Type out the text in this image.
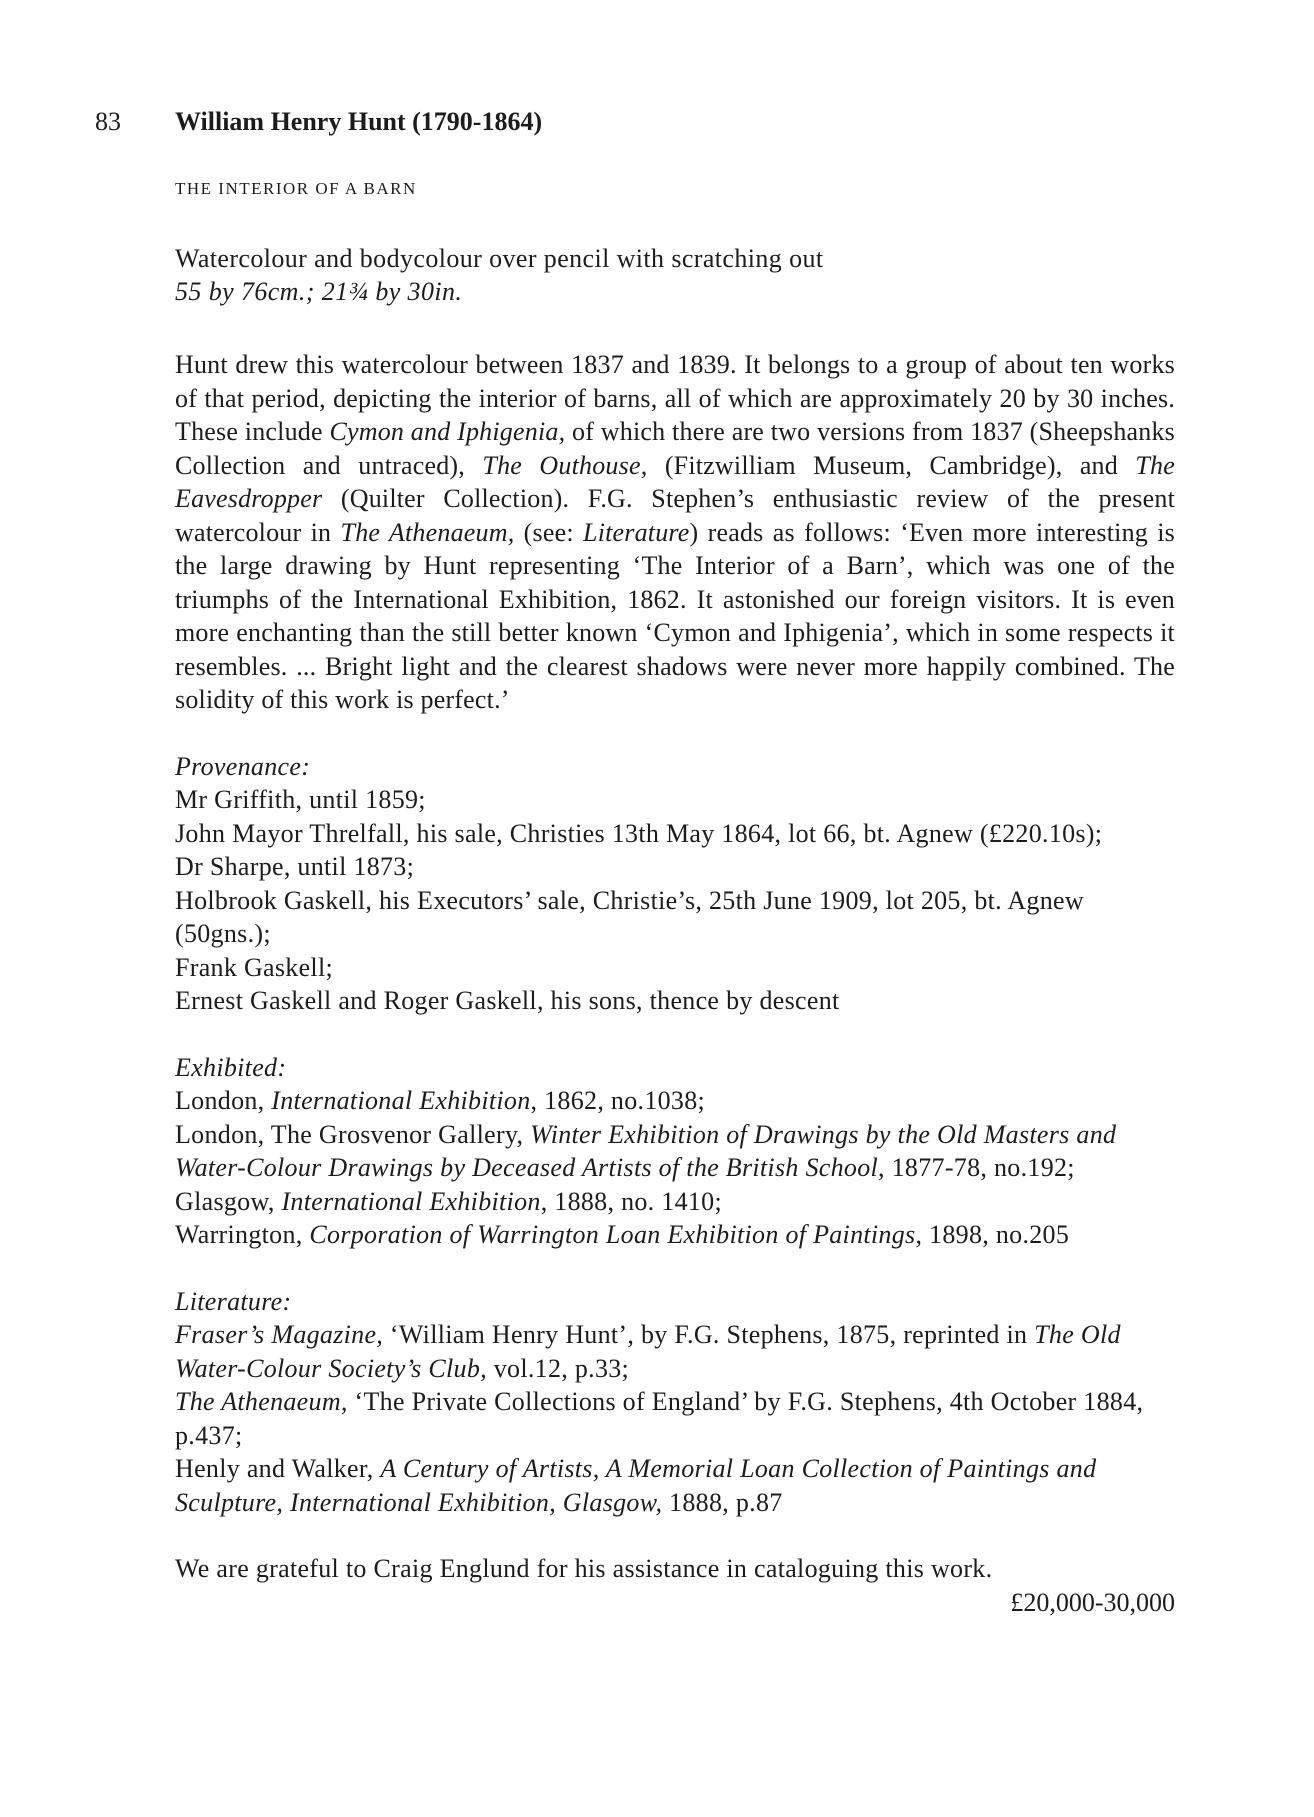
83 William Henry Hunt (1790-1864)

THE INTERIOR OF A BARN

Watercolour and bodycolour over pencil with scratching out
55 by 76cm.; 21¾ by 30in.

Hunt drew this watercolour between 1837 and 1839. It belongs to a group of about ten works of that period, depicting the interior of barns, all of which are approximately 20 by 30 inches. These include Cymon and Iphigenia, of which there are two versions from 1837 (Sheepshanks Collection and untraced), The Outhouse, (Fitzwilliam Museum, Cambridge), and The Eavesdropper (Quilter Collection). F.G. Stephen’s enthusiastic review of the present watercolour in The Athenaeum, (see: Literature) reads as follows: ‘Even more interesting is the large drawing by Hunt representing ‘The Interior of a Barn’, which was one of the triumphs of the International Exhibition, 1862. It astonished our foreign visitors. It is even more enchanting than the still better known ‘Cymon and Iphigenia’, which in some respects it resembles. ... Bright light and the clearest shadows were never more happily combined. The solidity of this work is perfect.’

Provenance:
Mr Griffith, until 1859;
John Mayor Threlfall, his sale, Christies 13th May 1864, lot 66, bt. Agnew (£220.10s);
Dr Sharpe, until 1873;
Holbrook Gaskell, his Executors’ sale, Christie’s, 25th June 1909, lot 205, bt. Agnew (50gns.);
Frank Gaskell;
Ernest Gaskell and Roger Gaskell, his sons, thence by descent
Exhibited:
London, International Exhibition, 1862, no.1038;
London, The Grosvenor Gallery, Winter Exhibition of Drawings by the Old Masters and Water-Colour Drawings by Deceased Artists of the British School, 1877-78, no.192;
Glasgow, International Exhibition, 1888, no. 1410;
Warrington, Corporation of Warrington Loan Exhibition of Paintings, 1898, no.205
Literature:
Fraser’s Magazine, ‘William Henry Hunt’, by F.G. Stephens, 1875, reprinted in The Old Water-Colour Society’s Club, vol.12, p.33;
The Athenaeum, ‘The Private Collections of England’ by F.G. Stephens, 4th October 1884, p.437;
Henly and Walker, A Century of Artists, A Memorial Loan Collection of Paintings and Sculpture, International Exhibition, Glasgow, 1888, p.87
We are grateful to Craig Englund for his assistance in cataloguing this work.
£20,000-30,000
